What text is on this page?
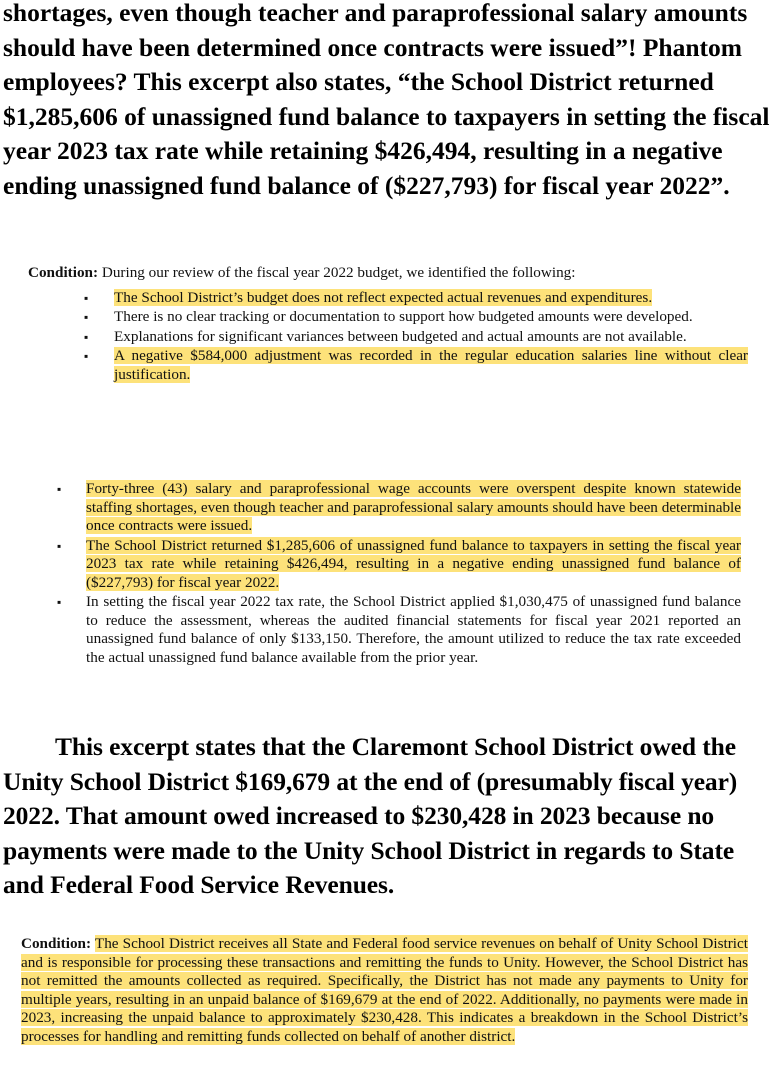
shortages, even though teacher and paraprofessional salary amounts should have been determined once contracts were issued”! Phantom employees? This excerpt also states, “the School District returned $1,285,606 of unassigned fund balance to taxpayers in setting the fiscal year 2023 tax rate while retaining $426,494, resulting in a negative ending unassigned fund balance of ($227,793) for fiscal year 2022”.

Condition: During our review of the fiscal year 2022 budget, we identified the following:

▪ The School District’s budget does not reflect expected actual revenues and expenditures.
▪ There is no clear tracking or documentation to support how budgeted amounts were developed.
▪ Explanations for significant variances between budgeted and actual amounts are not available.
▪ A negative $584,000 adjustment was recorded in the regular education salaries line without clear justification.
▪ Forty-three (43) salary and paraprofessional wage accounts were overspent despite known statewide staffing shortages, even though teacher and paraprofessional salary amounts should have been determinable once contracts were issued.
▪ The School District returned $1,285,606 of unassigned fund balance to taxpayers in setting the fiscal year 2023 tax rate while retaining $426,494, resulting in a negative ending unassigned fund balance of ($227,793) for fiscal year 2022.
▪ In setting the fiscal year 2022 tax rate, the School District applied $1,030,475 of unassigned fund balance to reduce the assessment, whereas the audited financial statements for fiscal year 2021 reported an unassigned fund balance of only $133,150. Therefore, the amount utilized to reduce the tax rate exceeded the actual unassigned fund balance available from the prior year.

This excerpt states that the Claremont School District owed the Unity School District $169,679 at the end of (presumably fiscal year) 2022. That amount owed increased to $230,428 in 2023 because no payments were made to the Unity School District in regards to State and Federal Food Service Revenues.

Condition: The School District receives all State and Federal food service revenues on behalf of Unity School District and is responsible for processing these transactions and remitting the funds to Unity. However, the School District has not remitted the amounts collected as required. Specifically, the District has not made any payments to Unity for multiple years, resulting in an unpaid balance of $169,679 at the end of 2022. Additionally, no payments were made in 2023, increasing the unpaid balance to approximately $230,428. This indicates a breakdown in the School District’s processes for handling and remitting funds collected on behalf of another district.
